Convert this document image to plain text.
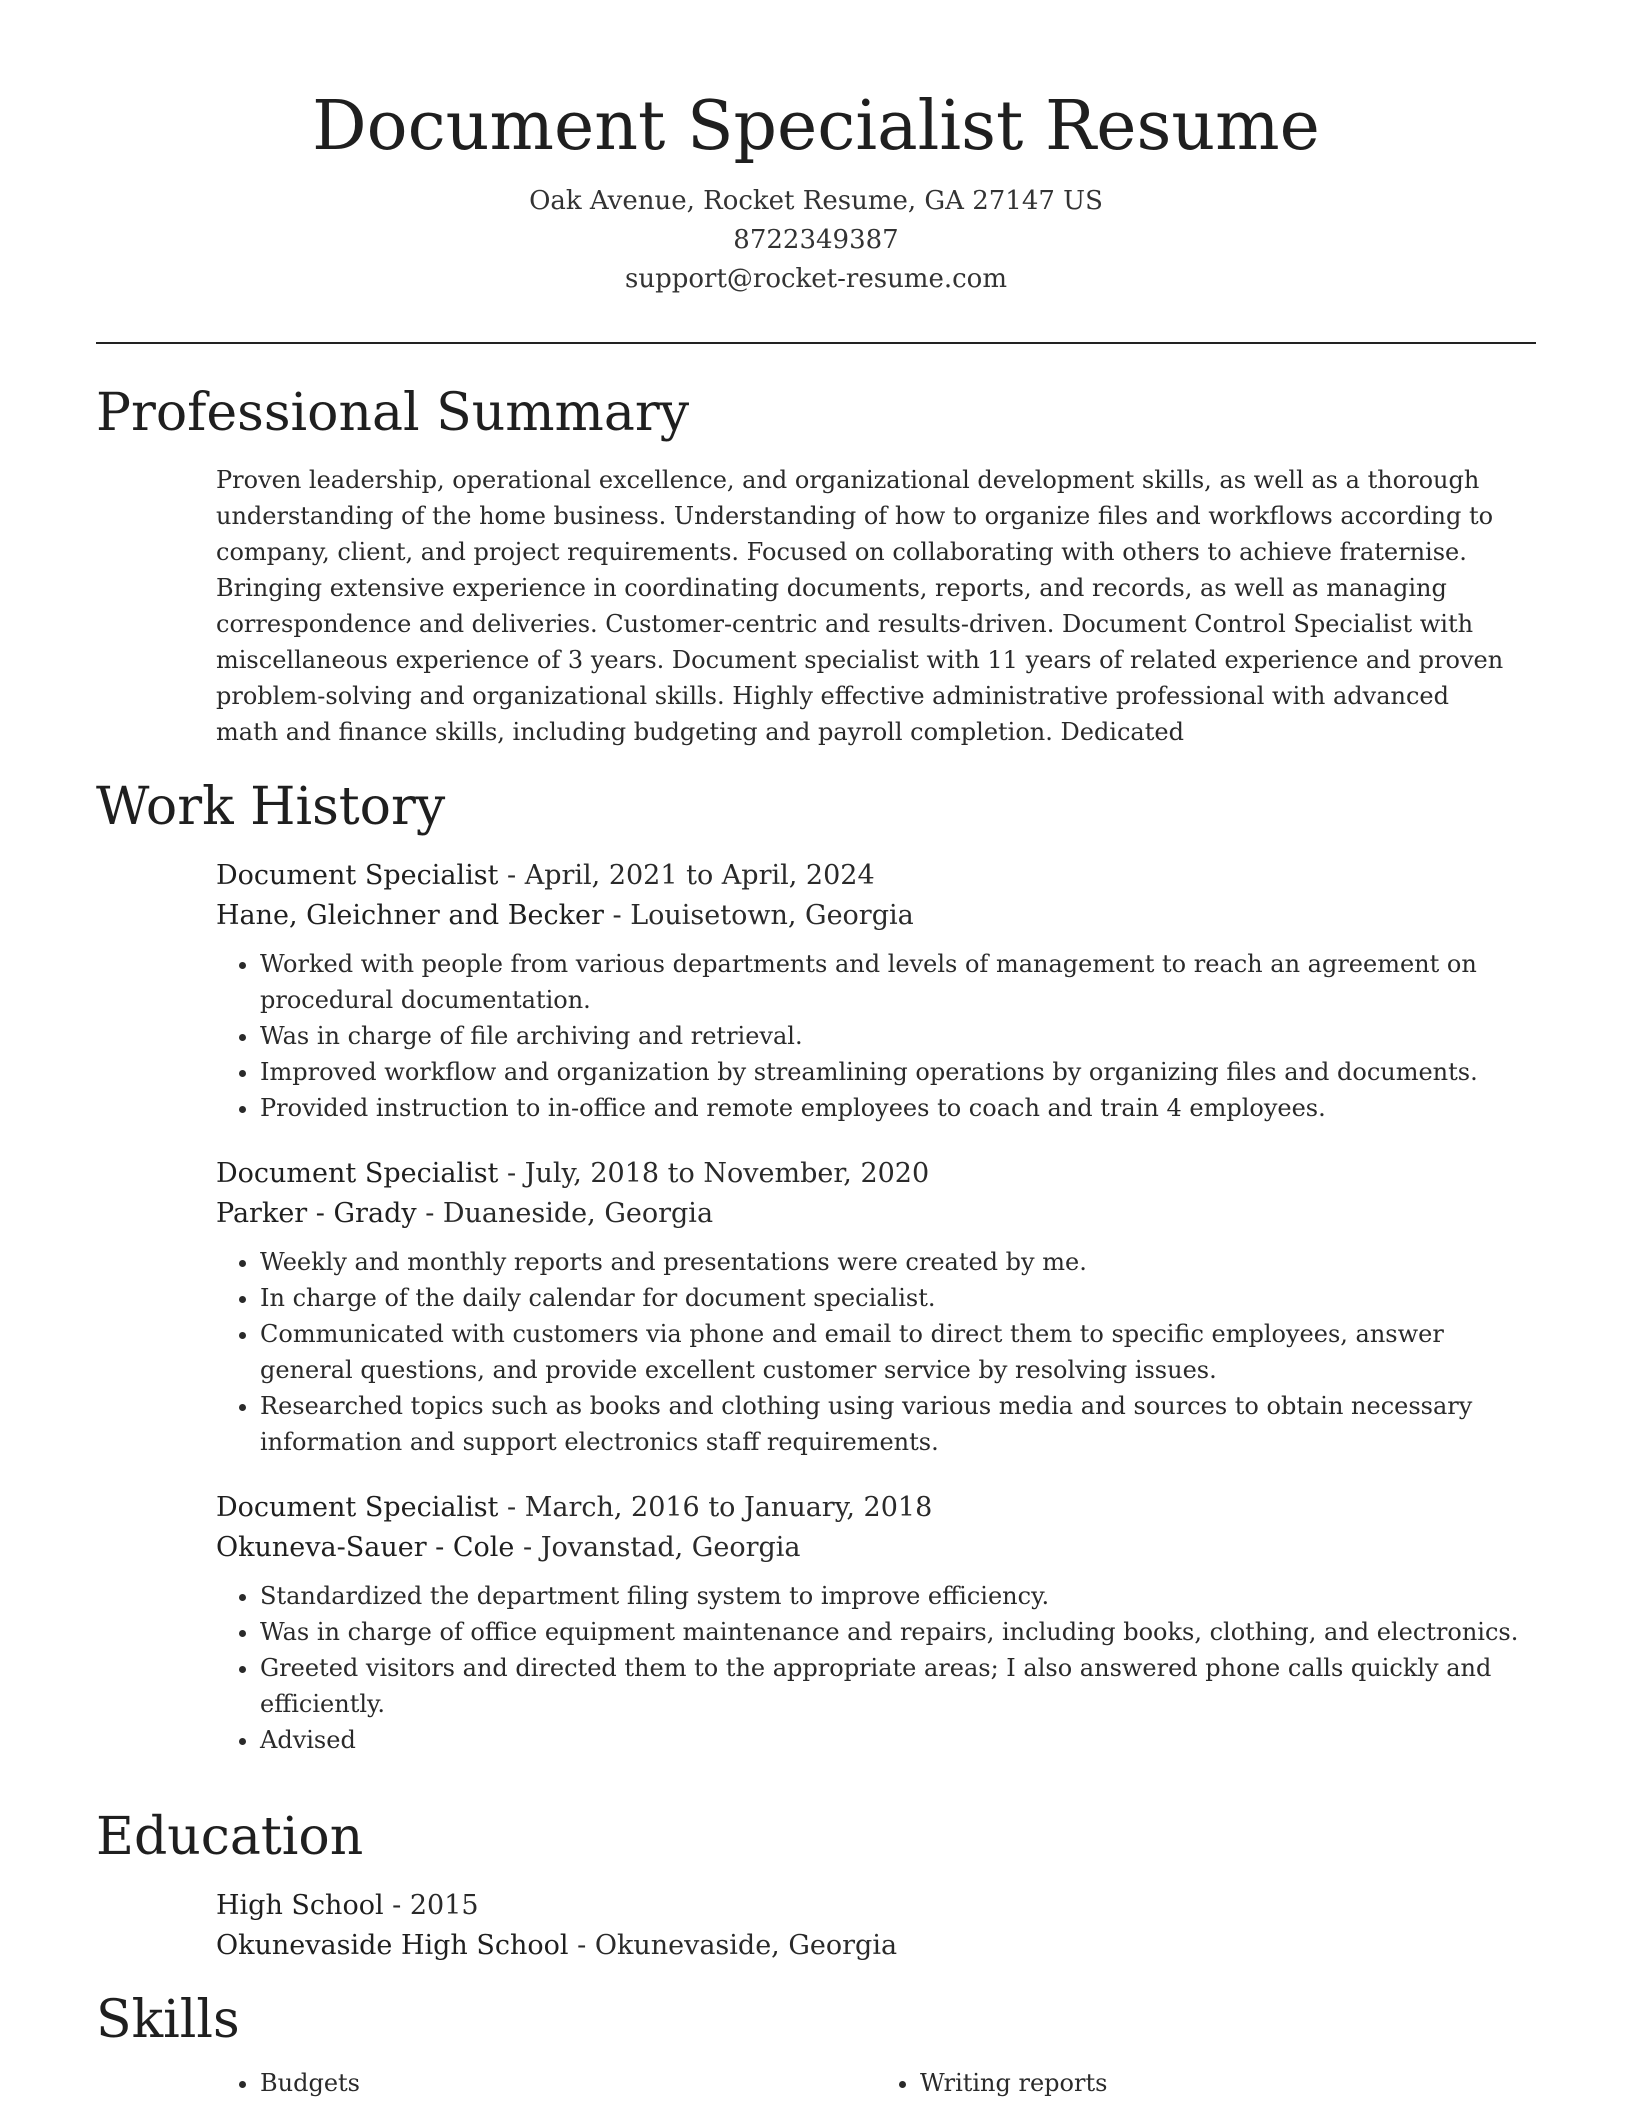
Document Specialist Resume
Oak Avenue, Rocket Resume, GA 27147 US
8722349387
support@rocket-resume.com
Professional Summary
Proven leadership, operational excellence, and organizational development skills, as well as a thorough understanding of the home business. Understanding of how to organize files and workflows according to company, client, and project requirements. Focused on collaborating with others to achieve fraternise. Bringing extensive experience in coordinating documents, reports, and records, as well as managing correspondence and deliveries. Customer-centric and results-driven. Document Control Specialist with miscellaneous experience of 3 years. Document specialist with 11 years of related experience and proven problem-solving and organizational skills. Highly effective administrative professional with advanced math and finance skills, including budgeting and payroll completion. Dedicated
Work History
Document Specialist - April, 2021 to April, 2024
Hane, Gleichner and Becker - Louisetown, Georgia
• Worked with people from various departments and levels of management to reach an agreement on procedural documentation.
• Was in charge of file archiving and retrieval.
• Improved workflow and organization by streamlining operations by organizing files and documents.
• Provided instruction to in-office and remote employees to coach and train 4 employees.
Document Specialist - July, 2018 to November, 2020
Parker - Grady - Duaneside, Georgia
• Weekly and monthly reports and presentations were created by me.
• In charge of the daily calendar for document specialist.
• Communicated with customers via phone and email to direct them to specific employees, answer general questions, and provide excellent customer service by resolving issues.
• Researched topics such as books and clothing using various media and sources to obtain necessary information and support electronics staff requirements.
Document Specialist - March, 2016 to January, 2018
Okuneva-Sauer - Cole - Jovanstad, Georgia
• Standardized the department filing system to improve efficiency.
• Was in charge of office equipment maintenance and repairs, including books, clothing, and electronics.
• Greeted visitors and directed them to the appropriate areas; I also answered phone calls quickly and efficiently.
• Advised
Education
High School - 2015
Okunevaside High School - Okunevaside, Georgia
Skills
• Budgets
•	Writing reports
